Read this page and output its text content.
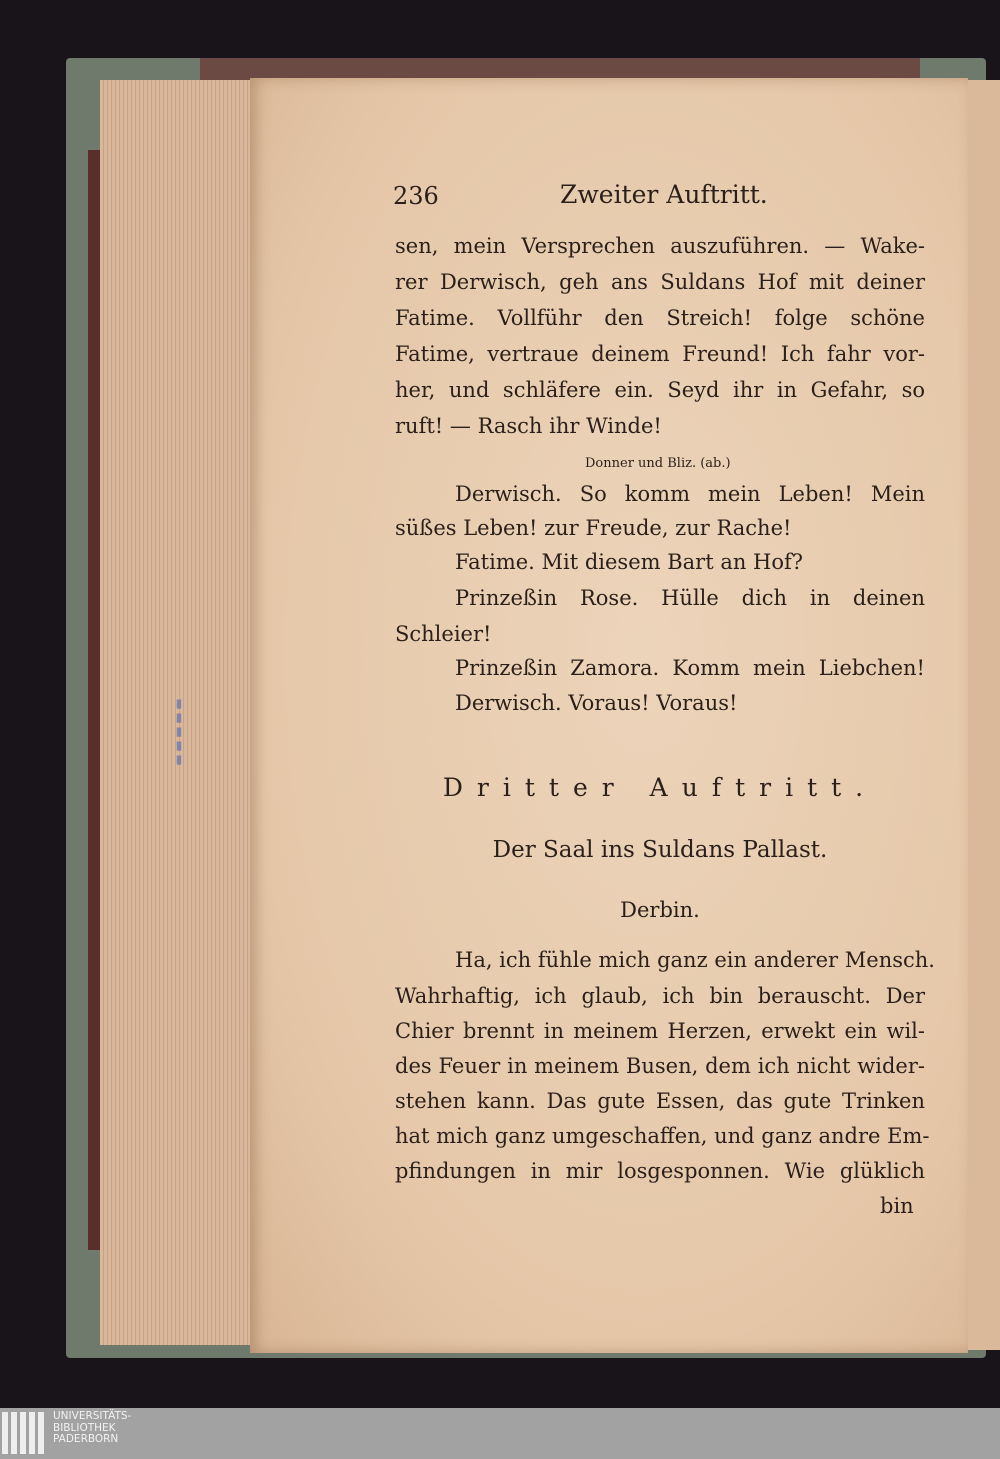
▮▮▮▮▮
236	Zweiter Auftritt.
sen, mein Versprechen auszuführen. — Wake-
rer Derwisch, geh ans Suldans Hof mit deiner
Fatime. Vollführ den Streich! folge schöne
Fatime, vertraue deinem Freund! Ich fahr vor-
her, und schläfere ein. Seyd ihr in Gefahr, so
ruft! — Rasch ihr Winde!
Donner und Bliz. (ab.)
Derwisch. So komm mein Leben! Mein
süßes Leben! zur Freude, zur Rache!
Fatime. Mit diesem Bart an Hof?
Prinzeßin Rose. Hülle dich in deinen
Schleier!
Prinzeßin Zamora. Komm mein Liebchen!
Derwisch. Voraus! Voraus!
Dritter Auftritt.
Der Saal ins Suldans Pallast.
Derbin.
Ha, ich fühle mich ganz ein anderer Mensch.
Wahrhaftig, ich glaub, ich bin berauscht. Der
Chier brennt in meinem Herzen, erwekt ein wil-
des Feuer in meinem Busen, dem ich nicht wider-
stehen kann. Das gute Essen, das gute Trinken
hat mich ganz umgeschaffen, und ganz andre Em-
pfindungen in mir losgesponnen. Wie glüklich
bin
UNIVERSITÄTS-
BIBLIOTHEK
PADERBORN
